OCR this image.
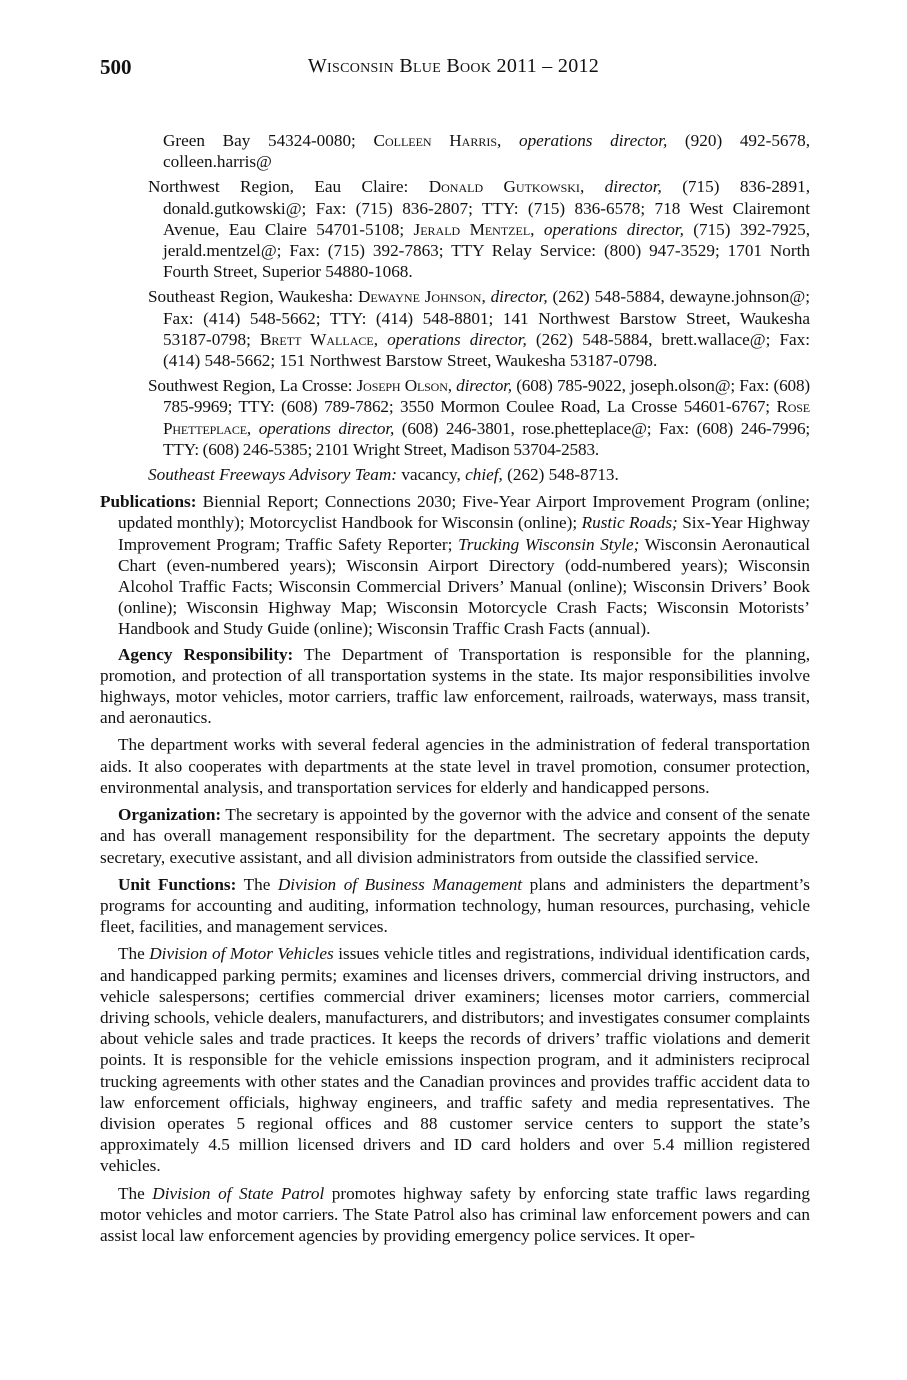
500	Wisconsin Blue Book 2011 – 2012

Green Bay 54324-0080; Colleen Harris, operations director, (920) 492-5678, colleen.harris@

Northwest Region, Eau Claire: Donald Gutkowski, director, (715) 836-2891, donald.gutkowski@; Fax: (715) 836-2807; TTY: (715) 836-6578; 718 West Clairemont Avenue, Eau Claire 54701-5108; Jerald Mentzel, operations director, (715) 392-7925, jerald.mentzel@; Fax: (715) 392-7863; TTY Relay Service: (800) 947-3529; 1701 North Fourth Street, Superior 54880-1068.

Southeast Region, Waukesha: Dewayne Johnson, director, (262) 548-5884, dewayne.johnson@; Fax: (414) 548-5662; TTY: (414) 548-8801; 141 Northwest Barstow Street, Waukesha 53187-0798; Brett Wallace, operations director, (262) 548-5884, brett.wallace@; Fax: (414) 548-5662; 151 Northwest Barstow Street, Waukesha 53187-0798.

Southwest Region, La Crosse: Joseph Olson, director, (608) 785-9022, joseph.olson@; Fax: (608) 785-9969; TTY: (608) 789-7862; 3550 Mormon Coulee Road, La Crosse 54601-6767; Rose Phetteplace, operations director, (608) 246-3801, rose.phetteplace@; Fax: (608) 246-7996; TTY: (608) 246-5385; 2101 Wright Street, Madison 53704-2583.

Southeast Freeways Advisory Team: vacancy, chief, (262) 548-8713.

Publications: Biennial Report; Connections 2030; Five-Year Airport Improvement Program (online; updated monthly); Motorcyclist Handbook for Wisconsin (online); Rustic Roads; Six-Year Highway Improvement Program; Traffic Safety Reporter; Trucking Wisconsin Style; Wisconsin Aeronautical Chart (even-numbered years); Wisconsin Airport Directory (odd-numbered years); Wisconsin Alcohol Traffic Facts; Wisconsin Commercial Drivers’ Manual (online); Wisconsin Drivers’ Book (online); Wisconsin Highway Map; Wisconsin Motorcycle Crash Facts; Wisconsin Motorists’ Handbook and Study Guide (online); Wisconsin Traffic Crash Facts (annual).

Agency Responsibility: The Department of Transportation is responsible for the planning, promotion, and protection of all transportation systems in the state. Its major responsibilities involve highways, motor vehicles, motor carriers, traffic law enforcement, railroads, waterways, mass transit, and aeronautics.

The department works with several federal agencies in the administration of federal transportation aids. It also cooperates with departments at the state level in travel promotion, consumer protection, environmental analysis, and transportation services for elderly and handicapped persons.

Organization: The secretary is appointed by the governor with the advice and consent of the senate and has overall management responsibility for the department. The secretary appoints the deputy secretary, executive assistant, and all division administrators from outside the classified service.

Unit Functions: The Division of Business Management plans and administers the department’s programs for accounting and auditing, information technology, human resources, purchasing, vehicle fleet, facilities, and management services.

The Division of Motor Vehicles issues vehicle titles and registrations, individual identification cards, and handicapped parking permits; examines and licenses drivers, commercial driving instructors, and vehicle salespersons; certifies commercial driver examiners; licenses motor carriers, commercial driving schools, vehicle dealers, manufacturers, and distributors; and investigates consumer complaints about vehicle sales and trade practices. It keeps the records of drivers’ traffic violations and demerit points. It is responsible for the vehicle emissions inspection program, and it administers reciprocal trucking agreements with other states and the Canadian provinces and provides traffic accident data to law enforcement officials, highway engineers, and traffic safety and media representatives. The division operates 5 regional offices and 88 customer service centers to support the state’s approximately 4.5 million licensed drivers and ID card holders and over 5.4 million registered vehicles.

The Division of State Patrol promotes highway safety by enforcing state traffic laws regarding motor vehicles and motor carriers. The State Patrol also has criminal law enforcement powers and can assist local law enforcement agencies by providing emergency police services. It oper-
